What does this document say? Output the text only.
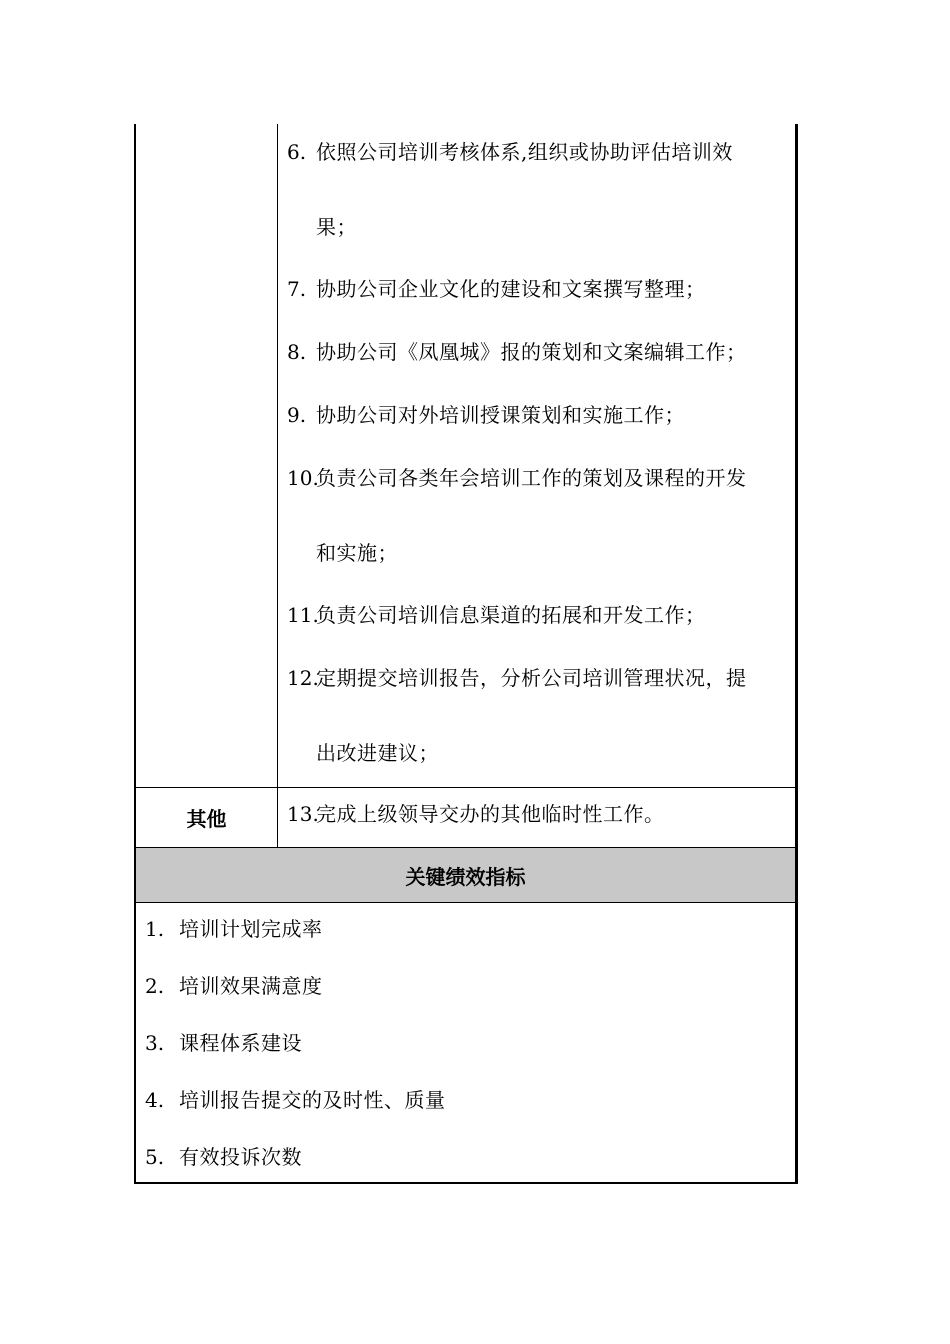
6. 依照公司培训考核体系,组织或协助评估培训效
果；
7. 协助公司企业文化的建设和文案撰写整理；
8. 协助公司《凤凰城》报的策划和文案编辑工作；
9. 协助公司对外培训授课策划和实施工作；
10.
负责公司各类年会培训工作的策划及课程的开发
和实施；
11.
负责公司培训信息渠道的拓展和开发工作；
12.
定期提交培训报告，分析公司培训管理状况，提
出改进建议；
其他	13.
完成上级领导交办的其他临时性工作。
关键绩效指标
1. 培训计划完成率
2. 培训效果满意度
3. 课程体系建设
4. 培训报告提交的及时性、质量
5. 有效投诉次数
